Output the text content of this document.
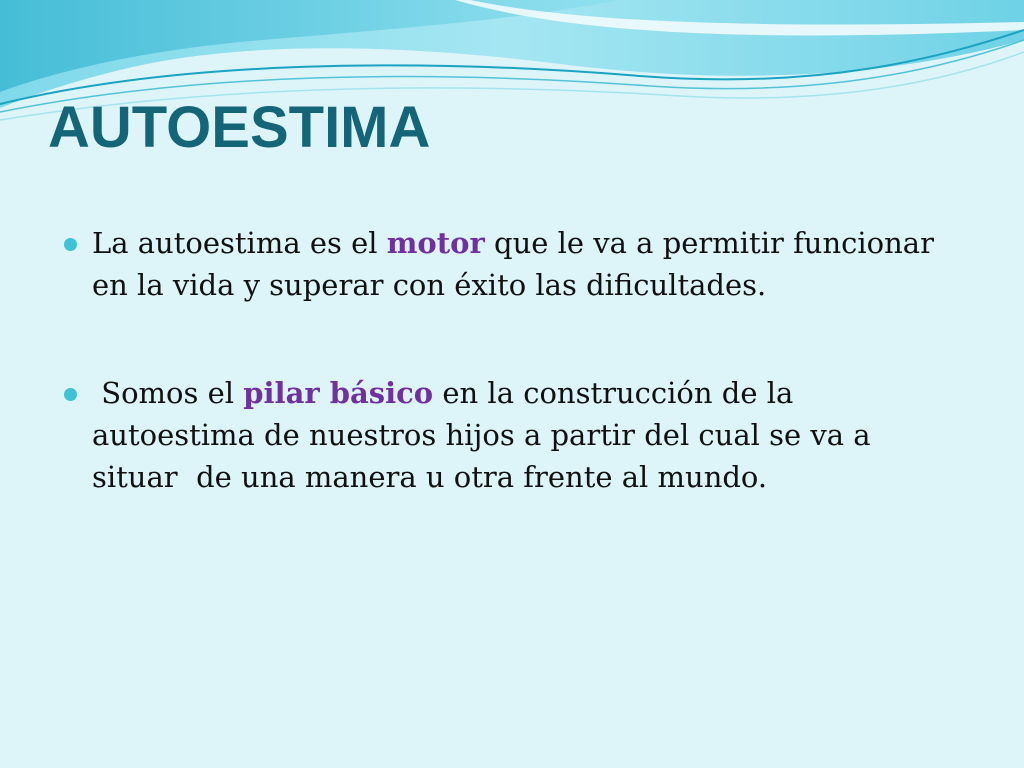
AUTOESTIMA
La autoestima es el motor que le va a permitir funcionar en la vida y superar con éxito las dificultades.
Somos el pilar básico en la construcción de la autoestima de nuestros hijos a partir del cual se va a situar  de una manera u otra frente al mundo.
